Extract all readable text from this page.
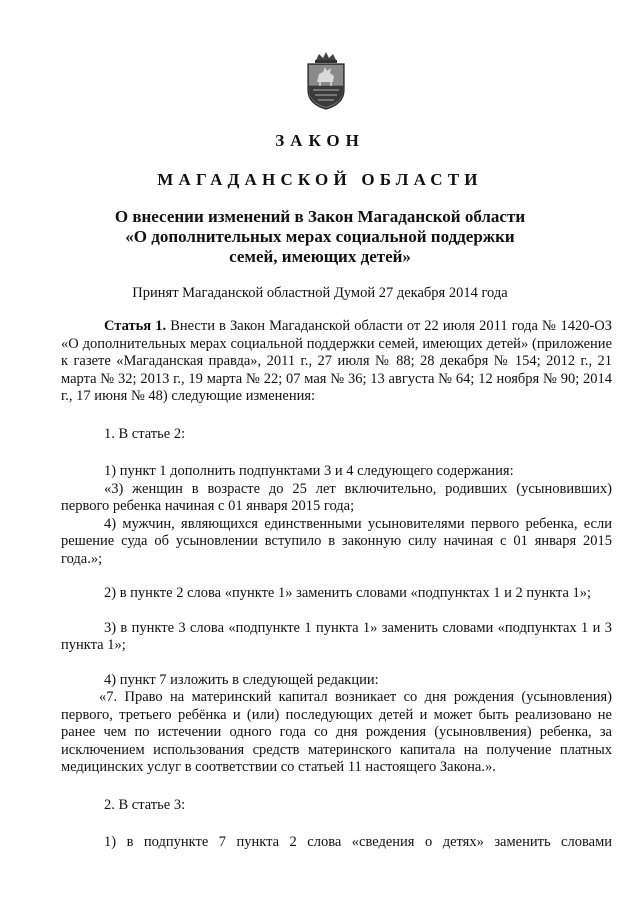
ЗАКОН
МАГАДАНСКОЙ ОБЛАСТИ
О внесении изменений в Закон Магаданской области
«О дополнительных мерах социальной поддержки
семей, имеющих детей»
Принят Магаданской областной Думой 27 декабря 2014 года

Статья 1. Внести в Закон Магаданской области от 22 июля 2011 года № 1420-ОЗ «О дополнительных мерах социальной поддержки семей, имеющих детей» (приложение к газете «Магаданская правда», 2011 г., 27 июля № 88; 28 декабря № 154; 2012 г., 21 марта № 32; 2013 г., 19 марта № 22; 07 мая № 36; 13 августа № 64; 12 ноября № 90; 2014 г., 17 июня № 48) следующие изменения:

1. В статье 2:

1) пункт 1 дополнить подпунктами 3 и 4 следующего содержания:

«3) женщин в возрасте до 25 лет включительно, родивших (усыновивших) первого ребенка начиная с 01 января 2015 года;

4) мужчин, являющихся единственными усыновителями первого ребенка, если решение суда об усыновлении вступило в законную силу начиная с 01 января 2015 года.»;

2) в пункте 2 слова «пункте 1» заменить словами «подпунктах 1 и 2 пункта 1»;

3) в пункте 3 слова «подпункте 1 пункта 1» заменить словами «подпунктах 1 и 3 пункта 1»;

4) пункт 7 изложить в следующей редакции:

«7. Право на материнский капитал возникает со дня рождения (усыновления) первого, третьего ребёнка и (или) последующих детей и может быть реализовано не ранее чем по истечении одного года со дня рождения (усыновлвения) ребенка, за исключением использования средств материнского капитала на получение платных медицинских услуг в соответствии со статьей 11 настоящего Закона.».

2. В статье 3:

1) в подпункте 7 пункта 2 слова «сведения о детях» заменить словами
